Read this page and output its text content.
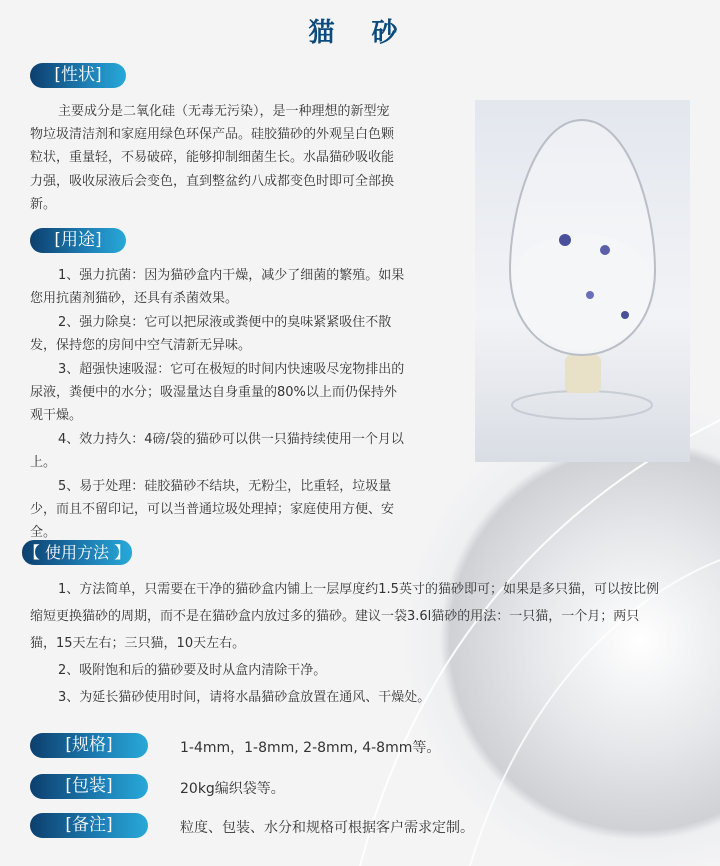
猫 砂
[性状]
主要成分是二氧化硅（无毒无污染），是一种理想的新型宠
物垃圾清洁剂和家庭用绿色环保产品。硅胶猫砂的外观呈白色颗
粒状，重量轻，不易破碎，能够抑制细菌生长。水晶猫砂吸收能
力强，吸收尿液后会变色，直到整盆约八成都变色时即可全部换
新。
[用途]
1、强力抗菌：因为猫砂盒内干燥，减少了细菌的繁殖。如果
您用抗菌剂猫砂，还具有杀菌效果。
2、强力除臭：它可以把尿液或粪便中的臭味紧紧吸住不散
发，保持您的房间中空气清新无异味。
3、超强快速吸湿：它可在极短的时间内快速吸尽宠物排出的
尿液，粪便中的水分；吸湿量达自身重量的80%以上而仍保持外
观干燥。
4、效力持久：4磅/袋的猫砂可以供一只猫持续使用一个月以
上。
5、易于处理：硅胶猫砂不结块，无粉尘，比重轻，垃圾量
少，而且不留印记，可以当普通垃圾处理掉；家庭使用方便、安
全。
【 使用方法 】
1、方法简单，只需要在干净的猫砂盒内铺上一层厚度约1.5英寸的猫砂即可；如果是多只猫，可以按比例
缩短更换猫砂的周期，而不是在猫砂盒内放过多的猫砂。建议一袋3.6l猫砂的用法：一只猫，一个月；两只
猫，15天左右；三只猫，10天左右。
2、吸附饱和后的猫砂要及时从盒内清除干净。
3、为延长猫砂使用时间，请将水晶猫砂盒放置在通风、干燥处。
[规格]	1-4mm，1-8mm, 2-8mm, 4-8mm等。
[包装]	20kg编织袋等。
[备注]	粒度、包装、水分和规格可根据客户需求定制。
